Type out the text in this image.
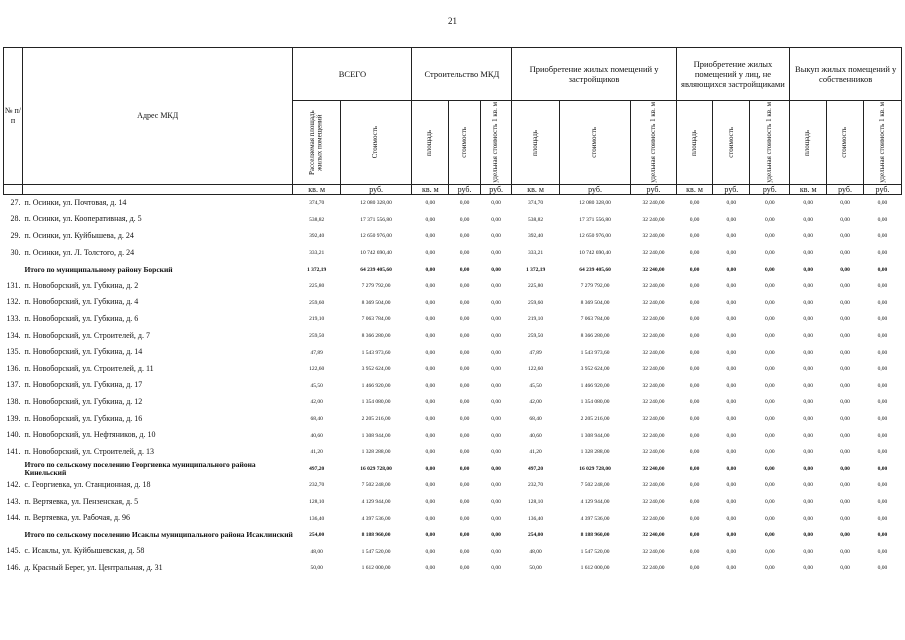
21
№ п/п	Адрес МКД	ВСЕГО		Строительство МКД			Приобретение жилых помещений у застройщиков			Приобретение жилых помещений у лиц, не являющихся застройщиками			Выкуп жилых помещений у собственников		

		Расселяемая площадь жилых помещений	Стоимость	площадь	стоимость	удельная стоимость 1 кв. м	площадь	стоимость	удельная стоимость 1 кв. м	площадь	стоимость	удельная стоимость 1 кв. м	площадь	стоимость	удельная стоимость 1 кв. м

		кв. м	руб.	кв. м	руб.	руб.	кв. м	руб.	руб.	кв. м	руб.	руб.	кв. м	руб.	руб.
27.	п. Осинки, ул. Почтовая, д. 14	374,70	12 080 328,00	0,00	0,00	0,00	374,70	12 080 328,00	32 240,00	0,00	0,00	0,00	0,00	0,00	0,00
28.	п. Осинки, ул. Кооперативная, д. 5	538,82	17 371 556,80	0,00	0,00	0,00	538,82	17 371 556,80	32 240,00	0,00	0,00	0,00	0,00	0,00	0,00
29.	п. Осинки, ул. Куйбышева, д. 24	392,40	12 650 976,00	0,00	0,00	0,00	392,40	12 650 976,00	32 240,00	0,00	0,00	0,00	0,00	0,00	0,00
30.	п. Осинки, ул. Л. Толстого, д. 24	333,21	10 742 690,40	0,00	0,00	0,00	333,21	10 742 690,40	32 240,00	0,00	0,00	0,00	0,00	0,00	0,00
	Итого по муниципальному району Борский	1 372,19	64 239 405,60	0,00	0,00	0,00	1 372,19	64 239 405,60	32 240,00	0,00	0,00	0,00	0,00	0,00	0,00
131.	п. Новоборский, ул. Губкина, д. 2	225,80	7 279 792,00	0,00	0,00	0,00	225,80	7 279 792,00	32 240,00	0,00	0,00	0,00	0,00	0,00	0,00
132.	п. Новоборский, ул. Губкина, д. 4	259,60	8 369 504,00	0,00	0,00	0,00	259,60	8 369 504,00	32 240,00	0,00	0,00	0,00	0,00	0,00	0,00
133.	п. Новоборский, ул. Губкина, д. 6	219,10	7 063 784,00	0,00	0,00	0,00	219,10	7 063 784,00	32 240,00	0,00	0,00	0,00	0,00	0,00	0,00
134.	п. Новоборский, ул. Строителей, д. 7	259,50	8 366 280,00	0,00	0,00	0,00	259,50	8 366 280,00	32 240,00	0,00	0,00	0,00	0,00	0,00	0,00
135.	п. Новоборский, ул. Губкина, д. 14	47,89	1 543 973,60	0,00	0,00	0,00	47,89	1 543 973,60	32 240,00	0,00	0,00	0,00	0,00	0,00	0,00
136.	п. Новоборский, ул. Строителей, д. 11	122,60	3 952 624,00	0,00	0,00	0,00	122,60	3 952 624,00	32 240,00	0,00	0,00	0,00	0,00	0,00	0,00
137.	п. Новоборский, ул. Губкина, д. 17	45,50	1 466 920,00	0,00	0,00	0,00	45,50	1 466 920,00	32 240,00	0,00	0,00	0,00	0,00	0,00	0,00
138.	п. Новоборский, ул. Губкина, д. 12	42,00	1 354 080,00	0,00	0,00	0,00	42,00	1 354 080,00	32 240,00	0,00	0,00	0,00	0,00	0,00	0,00
139.	п. Новоборский, ул. Губкина, д. 16	68,40	2 205 216,00	0,00	0,00	0,00	68,40	2 205 216,00	32 240,00	0,00	0,00	0,00	0,00	0,00	0,00
140.	п. Новоборский, ул. Нефтяников, д. 10	40,60	1 308 944,00	0,00	0,00	0,00	40,60	1 308 944,00	32 240,00	0,00	0,00	0,00	0,00	0,00	0,00
141.	п. Новоборский, ул. Строителей, д. 13	41,20	1 328 288,00	0,00	0,00	0,00	41,20	1 328 288,00	32 240,00	0,00	0,00	0,00	0,00	0,00	0,00
	Итого по сельскому поселению Георгиевка муниципального района Кинельский	497,20	16 029 728,00	0,00	0,00	0,00	497,20	16 029 728,00	32 240,00	0,00	0,00	0,00	0,00	0,00	0,00
142.	с. Георгиевка, ул. Станционная, д. 18	232,70	7 502 248,00	0,00	0,00	0,00	232,70	7 502 248,00	32 240,00	0,00	0,00	0,00	0,00	0,00	0,00
143.	п. Вертяевка, ул. Пензенская, д. 5	128,10	4 129 944,00	0,00	0,00	0,00	128,10	4 129 944,00	32 240,00	0,00	0,00	0,00	0,00	0,00	0,00
144.	п. Вертяевка, ул. Рабочая, д. 96	136,40	4 397 536,00	0,00	0,00	0,00	136,40	4 397 536,00	32 240,00	0,00	0,00	0,00	0,00	0,00	0,00
	Итого по сельскому поселению Исаклы муниципального района Исаклинский	254,00	8 188 960,00	0,00	0,00	0,00	254,00	8 188 960,00	32 240,00	0,00	0,00	0,00	0,00	0,00	0,00
145.	с. Исаклы, ул. Куйбышевская, д. 58	48,00	1 547 520,00	0,00	0,00	0,00	48,00	1 547 520,00	32 240,00	0,00	0,00	0,00	0,00	0,00	0,00
146.	д. Красный Берег, ул. Центральная, д. 31	50,00	1 612 000,00	0,00	0,00	0,00	50,00	1 612 000,00	32 240,00	0,00	0,00	0,00	0,00	0,00	0,00
